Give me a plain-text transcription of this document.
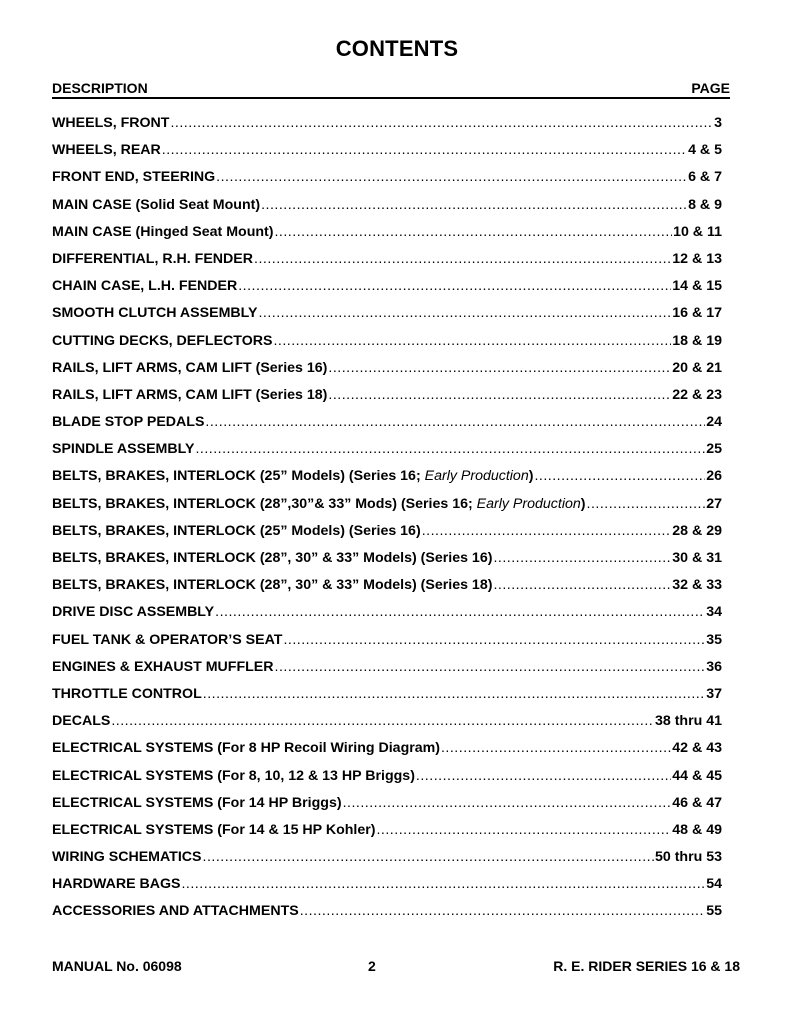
CONTENTS
DESCRIPTION	PAGE
WHEELS, FRONT .....	3
WHEELS, REAR .....	4 & 5
FRONT END, STEERING .....	6 & 7
MAIN CASE (Solid Seat Mount) .....	8 & 9
MAIN CASE (Hinged Seat Mount) .....	10 & 11
DIFFERENTIAL, R.H. FENDER .....	12 & 13
CHAIN CASE, L.H. FENDER .....	14 & 15
SMOOTH CLUTCH ASSEMBLY .....	16 & 17
CUTTING DECKS, DEFLECTORS .....	18 & 19
RAILS, LIFT ARMS, CAM LIFT (Series 16) .....	20 & 21
RAILS, LIFT ARMS, CAM LIFT (Series 18) .....	22 & 23
BLADE STOP PEDALS .....	24
SPINDLE ASSEMBLY .....	25
BELTS, BRAKES, INTERLOCK (25” Models) (Series 16; Early Production) .....	26
BELTS, BRAKES, INTERLOCK (28”,30”& 33” Mods) (Series 16; Early Production) .....	27
BELTS, BRAKES, INTERLOCK (25” Models) (Series 16) .....	28 & 29
BELTS, BRAKES, INTERLOCK (28”, 30” & 33” Models) (Series 16) .....	30 & 31
BELTS, BRAKES, INTERLOCK (28”, 30” & 33” Models) (Series 18) .....	32 & 33
DRIVE DISC ASSEMBLY .....	34
FUEL TANK & OPERATOR’S SEAT .....	35
ENGINES & EXHAUST MUFFLER .....	36
THROTTLE CONTROL .....	37
DECALS .....	38 thru 41
ELECTRICAL SYSTEMS (For 8 HP Recoil Wiring Diagram) .....	42 & 43
ELECTRICAL SYSTEMS (For 8, 10, 12 & 13 HP Briggs) .....	44 & 45
ELECTRICAL SYSTEMS (For 14 HP Briggs) .....	46 & 47
ELECTRICAL SYSTEMS (For 14 & 15 HP Kohler) .....	48 & 49
WIRING SCHEMATICS .....	50 thru 53
HARDWARE BAGS .....	54
ACCESSORIES AND ATTACHMENTS .....	55
MANUAL No. 06098	2	R. E. RIDER SERIES 16 & 18
